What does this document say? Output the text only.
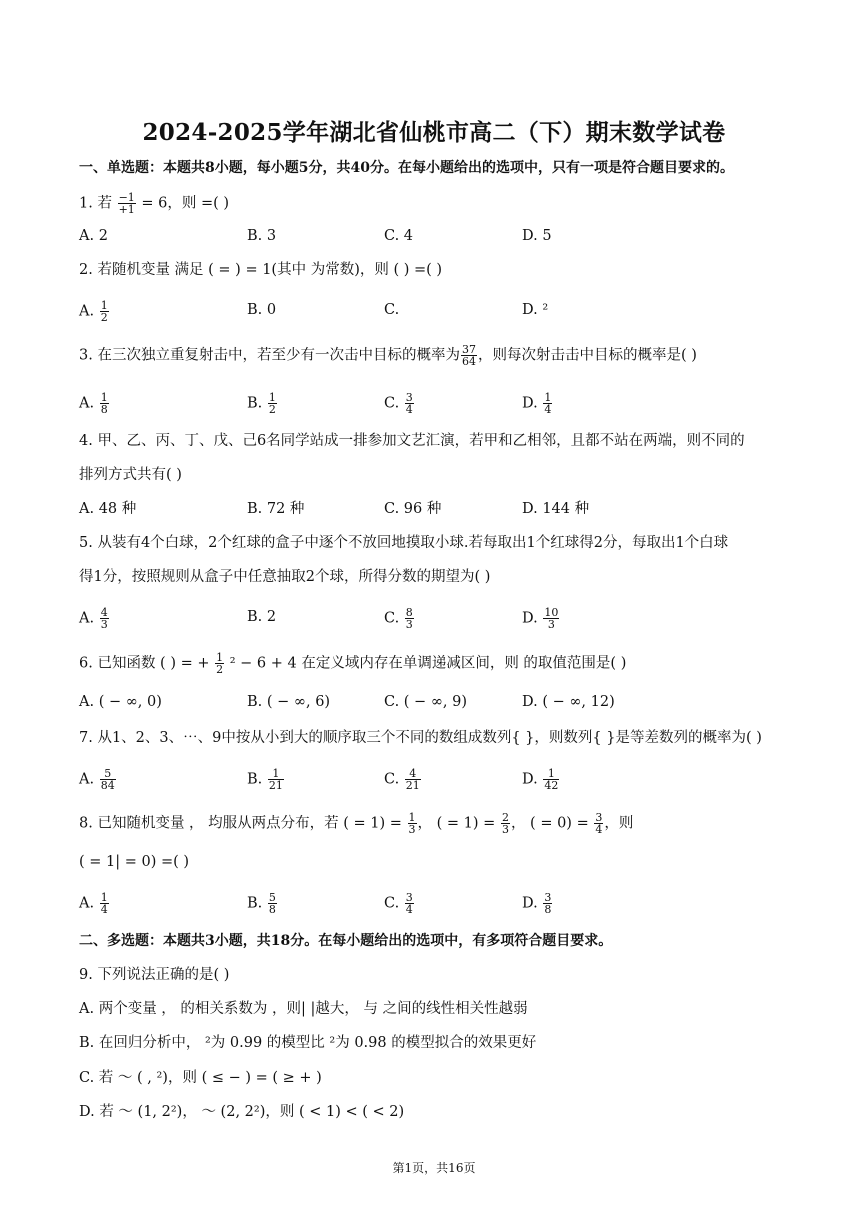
2024-2025学年湖北省仙桃市高二（下）期末数学试卷
一、单选题：本题共8小题，每小题5分，共40分。在每小题给出的选项中，只有一项是符合题目要求的。
1. 若 $\frac{-1}{+1} = 6$，则 =( )
A. 2	B. 3	C. 4	D. 5
2. 若随机变量 满足 ( = ) = 1(其中 为常数)，则 ( ) =( )
A. $\frac{1}{2}$	B. 0	C.	D. ²
3. 在三次独立重复射击中，若至少有一次击中目标的概率为 $\frac{37}{64}$ ，则每次射击击中目标的概率是( )
A. $\frac{1}{8}$	B. $\frac{1}{2}$	C. $\frac{3}{4}$	D. $\frac{1}{4}$
4. 甲、乙、丙、丁、戊、己6名同学站成一排参加文艺汇演，若甲和乙相邻，且都不站在两端，则不同的
排列方式共有( )
A. 48 种	B. 72 种	C. 96 种	D. 144 种
5. 从装有4个白球，2个红球的盒子中逐个不放回地摸取小球.若每取出1个红球得2分，每取出1个白球
得1分，按照规则从盒子中任意抽取2个球，所得分数的期望为( )
A. $\frac{4}{3}$	B. 2	C. $\frac{8}{3}$	D. $\frac{10}{3}$
6. 已知函数 ( ) = + $\frac{1}{2} ^2 - 6 + 4$ 在定义域内存在单调递减区间，则 的取值范围是( )
A. ( − ∞, 0)	B. ( − ∞, 6)	C. ( − ∞, 9)	D. ( − ∞, 12)
7. 从1、2、3、⋯、9中按从小到大的顺序取三个不同的数组成数列{ }，则数列{ }是等差数列的概率为( )
A. $\frac{5}{84}$	B. $\frac{1}{21}$	C. $\frac{4}{21}$	D. $\frac{1}{42}$
8. 已知随机变量 ， 均服从两点分布，若 ( = $1) = \frac{1}{3}$ ， ( = $1) = \frac{2}{3}$ ， ( = $0) = \frac{3}{4}$ ，则
( = 1| = 0) =( )
A. $\frac{1}{4}$	B. $\frac{5}{8}$	C. $\frac{3}{4}$	D. $\frac{3}{8}$
二、多选题：本题共3小题，共18分。在每小题给出的选项中，有多项符合题目要求。
9. 下列说法正确的是( )
A. 两个变量 ， 的相关系数为 ，则| |越大， 与 之间的线性相关性越弱
B. 在回归分析中， ²为 0.99 的模型比 ²为 0.98 的模型拟合的效果更好
C. 若 ～ ( , ²)，则 ( ≤ − ) = ( ≥ + )
D. 若 ～ (1, 2²)， ～ (2, 2²)，则 ( < 1) < ( < 2)
第1页，共16页
